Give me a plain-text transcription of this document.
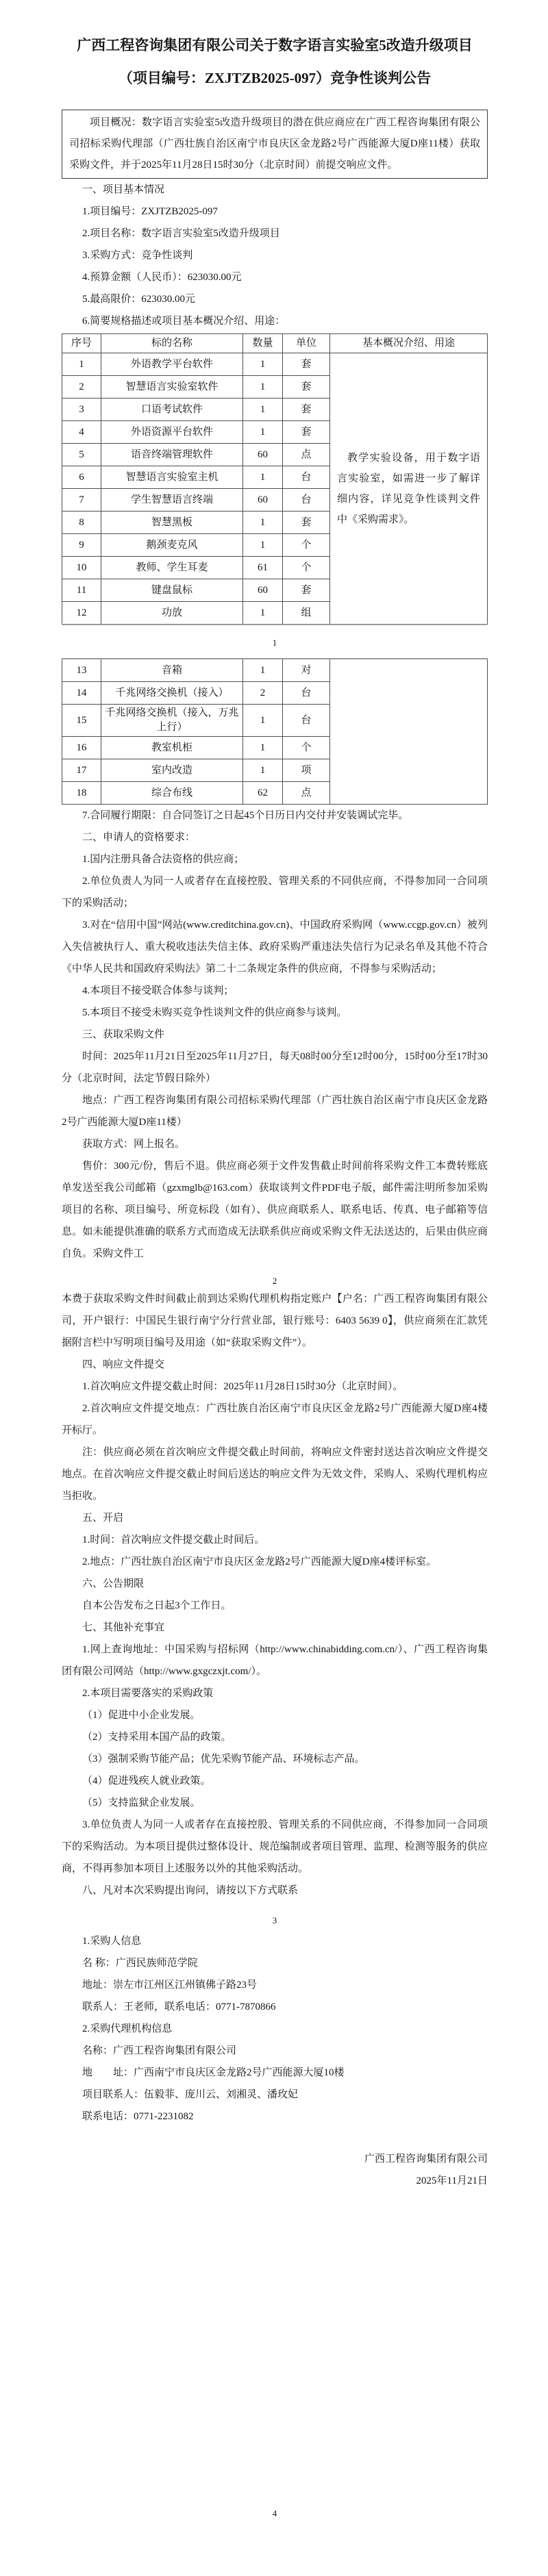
广西工程咨询集团有限公司关于数字语言实验室5改造升级项目
（项目编号：ZXJTZB2025-097）竞争性谈判公告

项目概况：数字语言实验室5改造升级项目的潜在供应商应在广西工程咨询集团有限公司招标采购代理部（广西壮族自治区南宁市良庆区金龙路2号广西能源大厦D座11楼）获取采购文件，并于2025年11月28日15时30分（北京时间）前提交响应文件。

一、项目基本情况

1.项目编号：ZXJTZB2025-097

2.项目名称：数字语言实验室5改造升级项目

3.采购方式：竞争性谈判

4.预算金额（人民币）：623030.00元

5.最高限价：623030.00元

6.简要规格描述或项目基本概况介绍、用途：

序号	标的名称	数量	单位	基本概况介绍、用途
1	外语教学平台软件	1	套	教学实验设备，用于数字语言实验室，如需进一步了解详细内容，详见竞争性谈判文件中《采购需求》。
2	智慧语言实验室软件	1	套	
3	口语考试软件	1	套	
4	外语资源平台软件	1	套	
5	语音终端管理软件	60	点	
6	智慧语言实验室主机	1	台	
7	学生智慧语言终端	60	台	
8	智慧黑板	1	套	
9	鹅颈麦克风	1	个	
10	教师、学生耳麦	61	个	
11	键盘鼠标	60	套	
12	功放	1	组	

1

13	音箱	1	对	
14	千兆网络交换机（接入）	2	台	
15	千兆网络交换机（接入，万兆上行）	1	台	
16	教室机柜	1	个	
17	室内改造	1	项	
18	综合布线	62	点	

7.合同履行期限：自合同签订之日起45个日历日内交付并安装调试完毕。

二、申请人的资格要求：

1.国内注册具备合法资格的供应商；

2.单位负责人为同一人或者存在直接控股、管理关系的不同供应商，不得参加同一合同项下的采购活动；

3.对在“信用中国”网站(www.creditchina.gov.cn)、中国政府采购网（www.ccgp.gov.cn）被列入失信被执行人、重大税收违法失信主体、政府采购严重违法失信行为记录名单及其他不符合《中华人民共和国政府采购法》第二十二条规定条件的供应商，不得参与采购活动；

4.本项目不接受联合体参与谈判；

5.本项目不接受未购买竞争性谈判文件的供应商参与谈判。

三、获取采购文件

时间：2025年11月21日至2025年11月27日，每天08时00分至12时00分，15时00分至17时30分（北京时间，法定节假日除外）

地点：广西工程咨询集团有限公司招标采购代理部（广西壮族自治区南宁市良庆区金龙路2号广西能源大厦D座11楼）

获取方式：网上报名。

售价：300元/份，售后不退。供应商必须于文件发售截止时间前将采购文件工本费转账底单发送至我公司邮箱（gzxmglb@163.com）获取谈判文件PDF电子版，邮件需注明所参加采购项目的名称、项目编号、所竞标段（如有）、供应商联系人、联系电话、传真、电子邮箱等信息。如未能提供准确的联系方式而造成无法联系供应商或采购文件无法送达的，后果由供应商自负。采购文件工

2

本费于获取采购文件时间截止前到达采购代理机构指定账户【户名：广西工程咨询集团有限公司，开户银行：中国民生银行南宁分行营业部，银行账号：6403 5639 0】，供应商须在汇款凭据附言栏中写明项目编号及用途（如“获取采购文件”）。

四、响应文件提交

1.首次响应文件提交截止时间：2025年11月28日15时30分（北京时间）。

2.首次响应文件提交地点：广西壮族自治区南宁市良庆区金龙路2号广西能源大厦D座4楼开标厅。

注：供应商必须在首次响应文件提交截止时间前，将响应文件密封送达首次响应文件提交地点。在首次响应文件提交截止时间后送达的响应文件为无效文件，采购人、采购代理机构应当拒收。

五、开启

1.时间：首次响应文件提交截止时间后。

2.地点：广西壮族自治区南宁市良庆区金龙路2号广西能源大厦D座4楼评标室。

六、公告期限

自本公告发布之日起3个工作日。

七、其他补充事宜

1.网上查询地址：中国采购与招标网（http://www.chinabidding.com.cn/）、广西工程咨询集团有限公司网站（http://www.gxgczxjt.com/）。

2.本项目需要落实的采购政策

（1）促进中小企业发展。

（2）支持采用本国产品的政策。

（3）强制采购节能产品；优先采购节能产品、环境标志产品。

（4）促进残疾人就业政策。

（5）支持监狱企业发展。

3.单位负责人为同一人或者存在直接控股、管理关系的不同供应商，不得参加同一合同项下的采购活动。为本项目提供过整体设计、规范编制或者项目管理、监理、检测等服务的供应商，不得再参加本项目上述服务以外的其他采购活动。

八、凡对本次采购提出询问，请按以下方式联系

3

1.采购人信息

名 称：广西民族师范学院

地址：崇左市江州区江州镇佛子路23号

联系人：王老师，联系电话：0771-7870866

2.采购代理机构信息

名称：广西工程咨询集团有限公司

地　　址：广西南宁市良庆区金龙路2号广西能源大厦10楼

项目联系人：伍毅菲、庞川云、刘湘灵、潘玫妃

联系电话：0771-2231082

广西工程咨询集团有限公司

2025年11月21日

4
